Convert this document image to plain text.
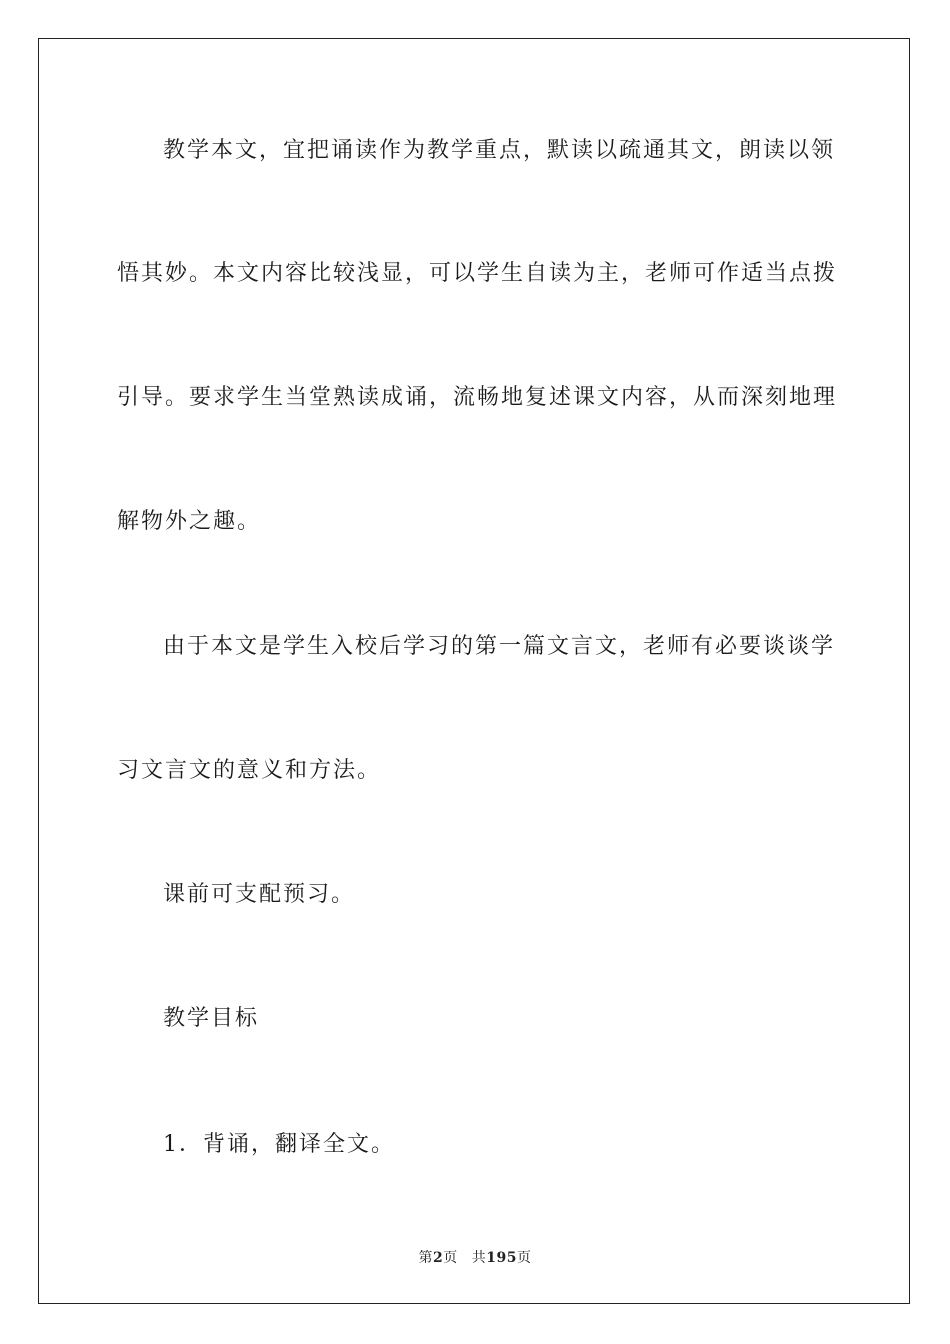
教学本文，宜把诵读作为教学重点，默读以疏通其文，朗读以领
悟其妙。本文内容比较浅显，可以学生自读为主，老师可作适当点拨
引导。要求学生当堂熟读成诵，流畅地复述课文内容，从而深刻地理
解物外之趣。
由于本文是学生入校后学习的第一篇文言文，老师有必要谈谈学
习文言文的意义和方法。
课前可支配预习。
教学目标
1．背诵，翻译全文。
第2页 共195页
